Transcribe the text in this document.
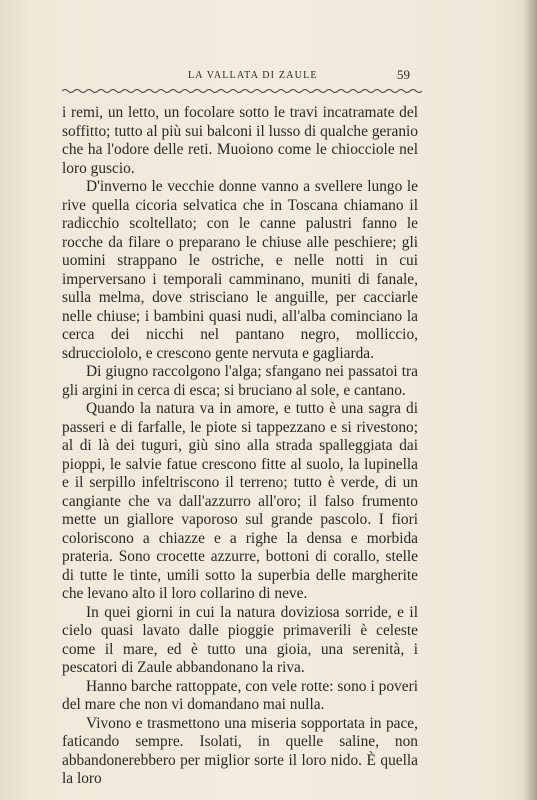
LA VALLATA DI ZAULE	59

i remi, un letto, un focolare sotto le travi incatramate del soffitto; tutto al più sui balconi il lusso di qualche geranio che ha l'odore delle reti. Muoiono come le chiocciole nel loro guscio.

D'inverno le vecchie donne vanno a svellere lungo le rive quella cicoria selvatica che in Toscana chiamano il radicchio scoltellato; con le canne palustri fanno le rocche da filare o preparano le chiuse alle peschiere; gli uomini strappano le ostriche, e nelle notti in cui imperversano i temporali camminano, muniti di fanale, sulla melma, dove strisciano le anguille, per cacciarle nelle chiuse; i bambini quasi nudi, all'alba cominciano la cerca dei nicchi nel pantano negro, molliccio, sdrucciololo, e crescono gente nervuta e gagliarda.

Di giugno raccolgono l'alga; sfangano nei passatoi tra gli argini in cerca di esca; si bruciano al sole, e cantano.

Quando la natura va in amore, e tutto è una sagra di passeri e di farfalle, le piote si tappezzano e si rivestono; al di là dei tuguri, giù sino alla strada spalleggiata dai pioppi, le salvie fatue crescono fitte al suolo, la lupinella e il serpillo infeltriscono il terreno; tutto è verde, di un cangiante che va dall'azzurro all'oro; il falso frumento mette un giallore vaporoso sul grande pascolo. I fiori coloriscono a chiazze e a righe la densa e morbida prateria. Sono crocette azzurre, bottoni di corallo, stelle di tutte le tinte, umili sotto la superbia delle margherite che levano alto il loro collarino di neve.

In quei giorni in cui la natura doviziosa sorride, e il cielo quasi lavato dalle pioggie primaverili è celeste come il mare, ed è tutto una gioia, una serenità, i pescatori di Zaule abbandonano la riva.

Hanno barche rattoppate, con vele rotte: sono i poveri del mare che non vi domandano mai nulla.

Vivono e trasmettono una miseria sopportata in pace, faticando sempre. Isolati, in quelle saline, non abbandonerebbero per miglior sorte il loro nido. È quella la loro
